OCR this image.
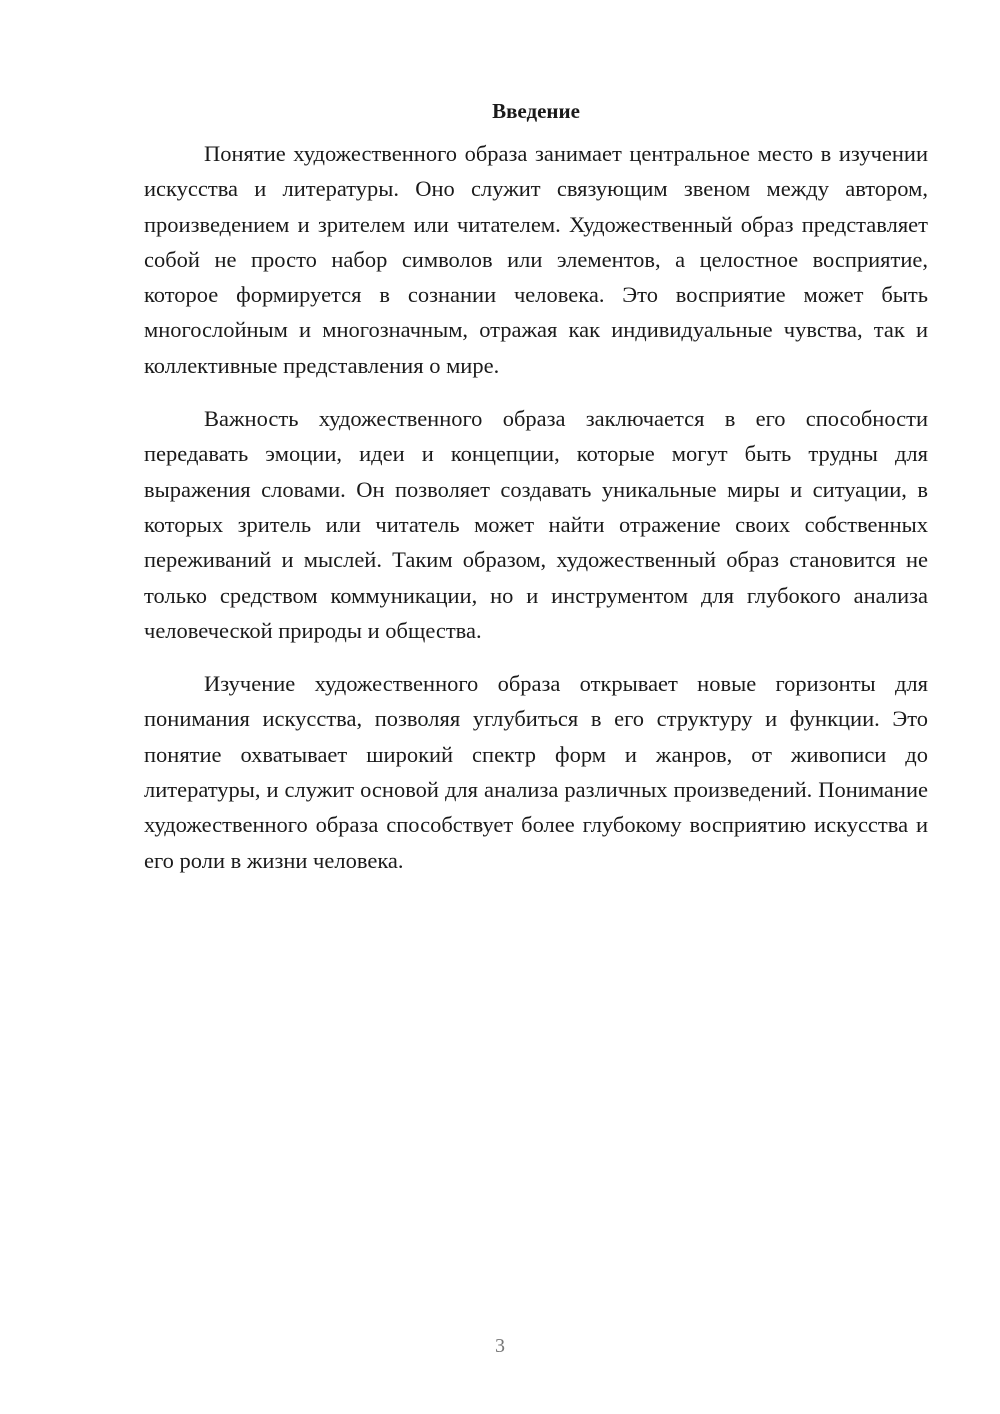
Введение

Понятие художественного образа занимает центральное место в изучении искусства и литературы. Оно служит связующим звеном между автором, произведением и зрителем или читателем. Художественный образ представляет собой не просто набор символов или элементов, а целостное восприятие, которое формируется в сознании человека. Это восприятие может быть многослойным и многозначным, отражая как индивидуальные чувства, так и коллективные представления о мире.

Важность художественного образа заключается в его способности передавать эмоции, идеи и концепции, которые могут быть трудны для выражения словами. Он позволяет создавать уникальные миры и ситуации, в которых зритель или читатель может найти отражение своих собственных переживаний и мыслей. Таким образом, художественный образ становится не только средством коммуникации, но и инструментом для глубокого анализа человеческой природы и общества.

Изучение художественного образа открывает новые горизонты для понимания искусства, позволяя углубиться в его структуру и функции. Это понятие охватывает широкий спектр форм и жанров, от живописи до литературы, и служит основой для анализа различных произведений. Понимание художественного образа способствует более глубокому восприятию искусства и его роли в жизни человека.

3
